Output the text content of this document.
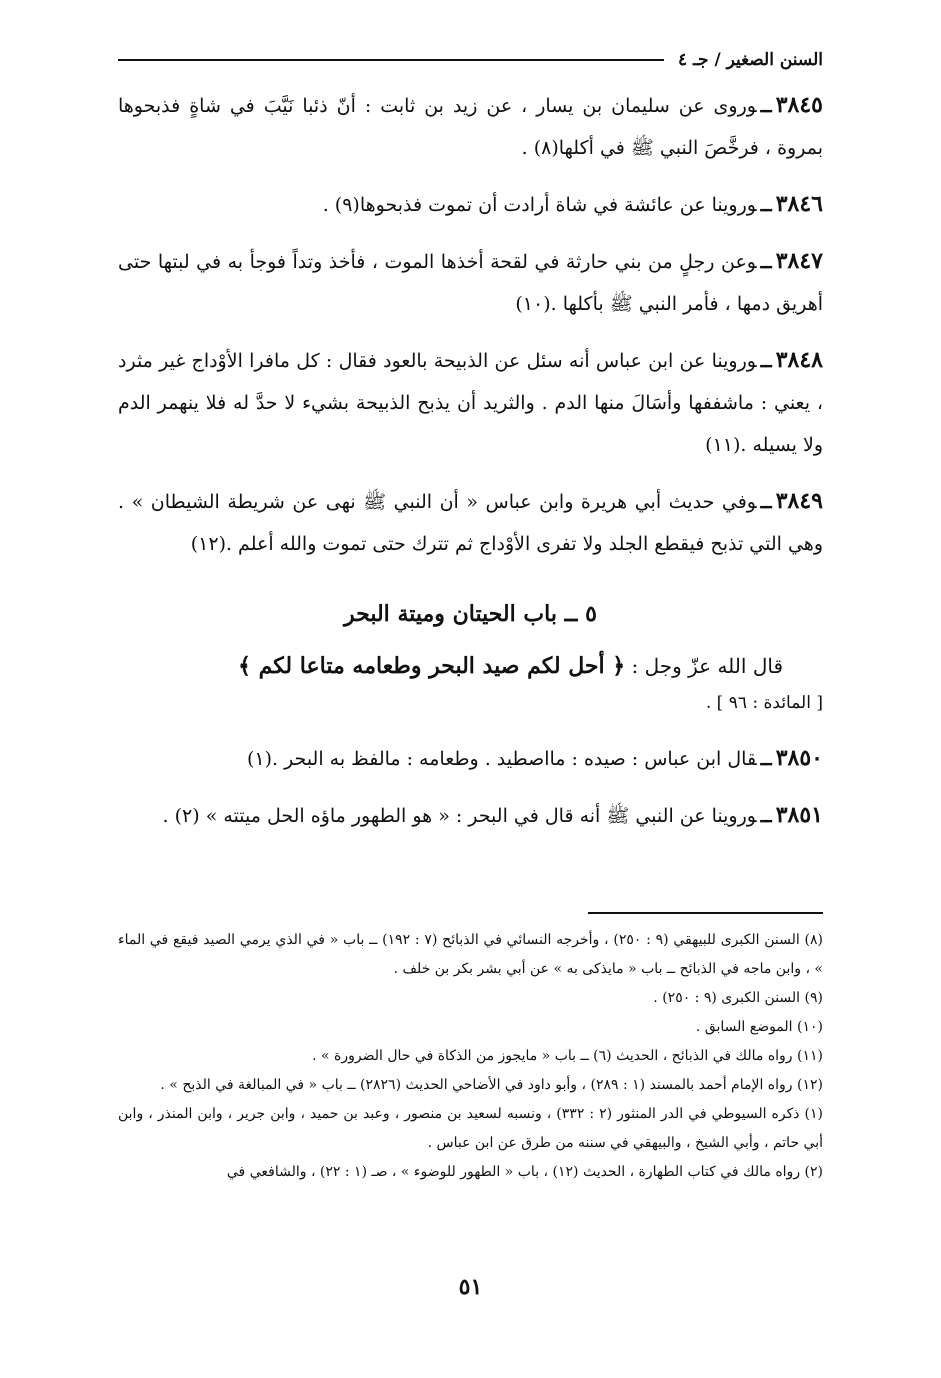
السنن الصغير / جـ ٤

٣٨٤٥ــوروى عن سليمان بن يسار ، عن زيد بن ثابت : أنّ ذئبا نَيَّبَ في شاةٍ فذبحوها بمروة ، فرخَّصَ النبي ﷺ في أكلها(٨) .

٣٨٤٦ــوروينا عن عائشة في شاة أرادت أن تموت فذبحوها(٩) .

٣٨٤٧ــوعن رجلٍ من بني حارثة في لقحة أخذها الموت ، فأخذ وتداً فوجأ به في لبتها حتى أهريق دمها ، فأمر النبي ﷺ بأكلها .(١٠)

٣٨٤٨ــوروينا عن ابن عباس أنه سئل عن الذبيحة بالعود فقال : كل مافرا الأوْداج غير مثرد ، يعني : ماشففها وأسَالَ منها الدم . والثريد أن يذبح الذبيحة بشيء لا حدَّ له فلا ينهمر الدم ولا يسيله .(١١)

٣٨٤٩ــوفي حديث أبي هريرة وابن عباس « أن النبي ﷺ نهى عن شريطة الشيطان » . وهي التي تذبح فيقطع الجلد ولا تفرى الأوْداج ثم تترك حتى تموت والله أعلم .(١٢)

٥ ــ باب الحيتان وميتة البحر

قال الله عزّ وجل : ﴿ أحل لكم صيد البحر وطعامه متاعا لكم ﴾

[ المائدة : ٩٦ ] .

٣٨٥٠ــقال ابن عباس : صيده : مااصطيد . وطعامه : مالفظ به البحر .(١)

٣٨٥١ــوروينا عن النبي ﷺ أنه قال في البحر : « هو الطهور ماؤه الحل ميتته » (٢) .

(٨) السنن الكبرى للبيهقي (٩ : ٢٥٠) ، وأخرجه النسائي في الذبائح (٧ : ١٩٢) ــ باب « في الذي يرمي الصيد فيقع في الماء » ، وابن ماجه في الذبائح ــ باب « مايذكى به » عن أبي بشر بكر بن خلف .

(٩) السنن الكبرى (٩ : ٢٥٠) .

(١٠) الموضع السابق .

(١١) رواه مالك في الذبائح ، الحديث (٦) ــ باب « مايجوز من الذكاة في حال الضرورة » .

(١٢) رواه الإمام أحمد بالمسند (١ : ٢٨٩) ، وأبو داود في الأضاحي الحديث (٢٨٢٦) ــ باب « في المبالغة في الذبح » .

(١) ذكره السيوطي في الدر المنثور (٢ : ٣٣٢) ، ونسبه لسعيد بن منصور ، وعبد بن حميد ، وابن جرير ، وابن المنذر ، وابن أبي حاتم ، وأبي الشيخ ، والبيهقي في سننه من طرق عن ابن عباس .

(٢) رواه مالك في كتاب الطهارة ، الحديث (١٢) ، باب « الطهور للوضوء » ، صـ (١ : ٢٢) ، والشافعي في

٥١
